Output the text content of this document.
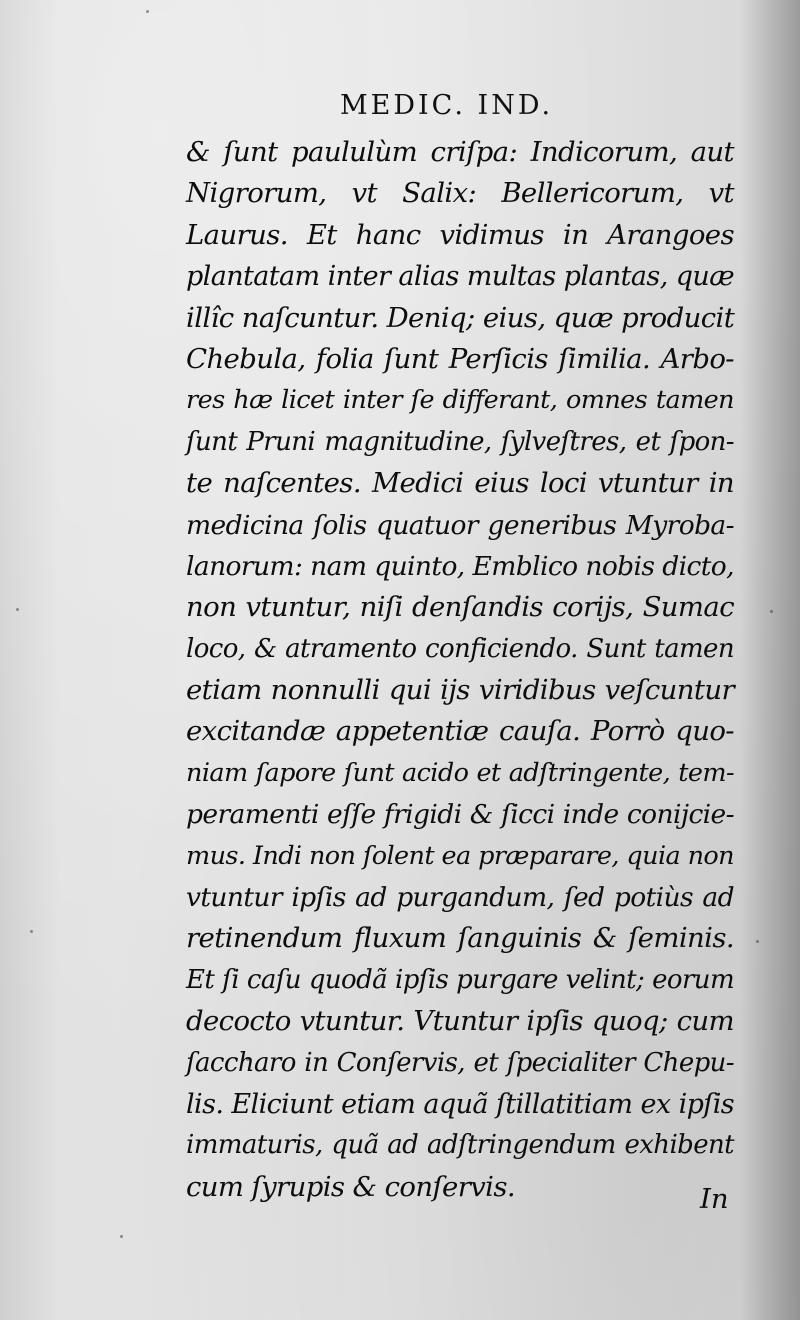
MEDIC. IND.
& ſunt paululùm criſpa: Indicorum, aut
Nigrorum, vt Salix: Bellericorum, vt
Laurus. Et hanc vidimus in Arangoes
plantatam inter alias multas plantas, quæ
illîc naſcuntur. Deniq; eius, quæ producit
Chebula, folia ſunt Perſicis ſimilia. Arbo-
res hæ licet inter ſe differant, omnes tamen
ſunt Pruni magnitudine, ſylveſtres, et ſpon-
te naſcentes. Medici eius loci vtuntur in
medicina ſolis quatuor generibus Myroba-
lanorum: nam quinto, Emblico nobis dicto,
non vtuntur, niſi denſandis corijs, Sumac
loco, & atramento conficiendo. Sunt tamen
etiam nonnulli qui ijs viridibus veſcuntur
excitandæ appetentiæ cauſa. Porrò quo-
niam ſapore ſunt acido et adſtringente, tem-
peramenti eſſe frigidi & ſicci inde conijcie-
mus. Indi non ſolent ea præparare, quia non
vtuntur ipſis ad purgandum, ſed potiùs ad
retinendum fluxum ſanguinis & ſeminis.
Et ſi caſu quodã ipſis purgare velint; eorum
decocto vtuntur. Vtuntur ipſis quoq; cum
ſaccharo in Conſervis, et ſpecialiter Chepu-
lis. Eliciunt etiam aquã ſtillatitiam ex ipſis
immaturis, quã ad adſtringendum exhibent
cum ſyrupis & conſervis.	In
